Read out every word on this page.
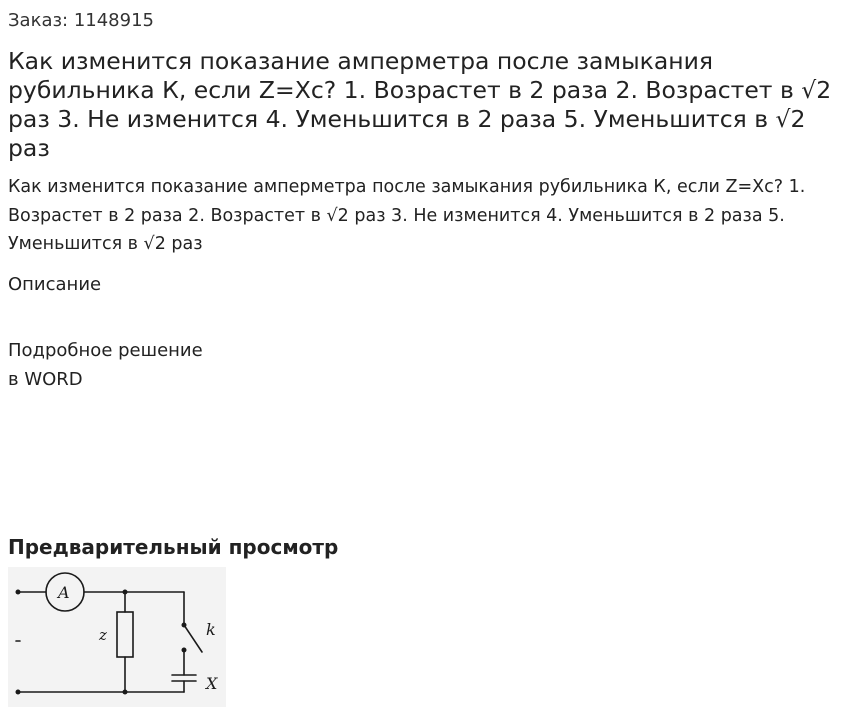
Заказ: 1148915
Как изменится показание амперметра после замыкания рубильника К, если Z=Xc? 1. Возрастет в 2 раза 2. Возрастет в √2 раз 3. Не изменится 4. Уменьшится в 2 раза 5. Уменьшится в √2 раз

Как изменится показание амперметра после замыкания рубильника К, если Z=Xc? 1. Возрастет в 2 раза 2. Возрастет в √2 раз 3. Не изменится 4. Уменьшится в 2 раза 5. Уменьшится в √2 раз

Описание
Подробное решение
в WORD
Предварительный просмотр
A
z	k
X
